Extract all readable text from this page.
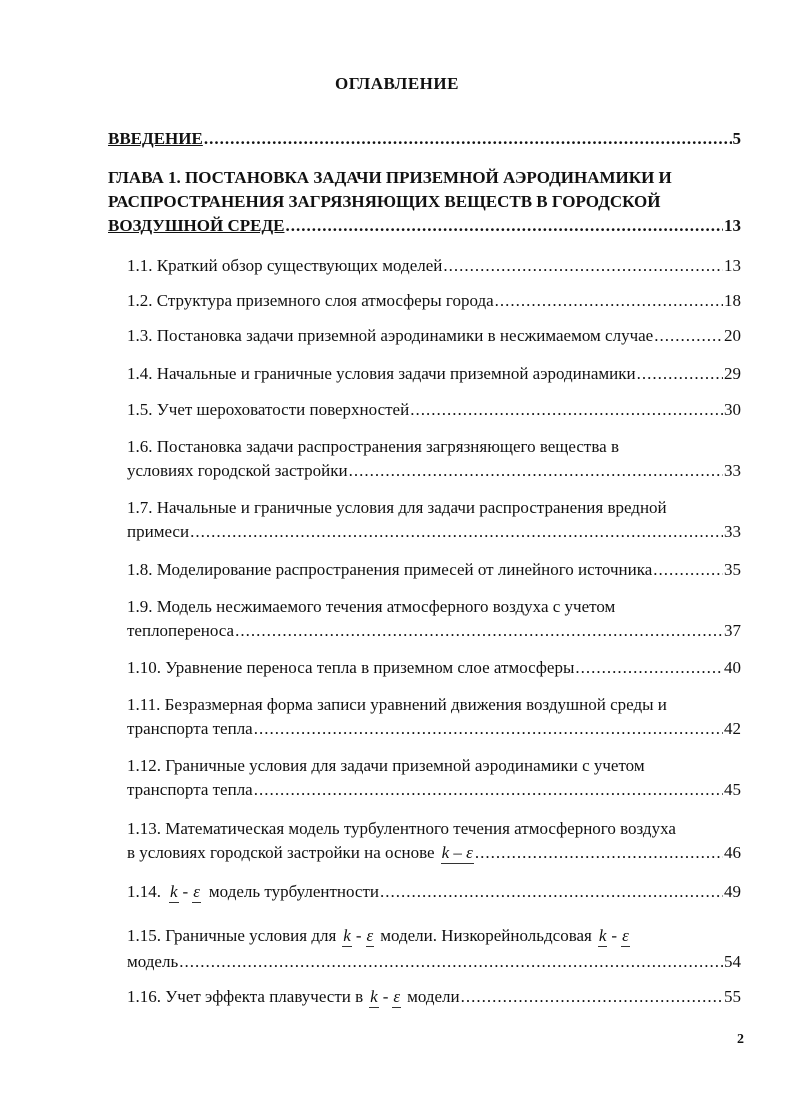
ОГЛАВЛЕНИЕ
ВВЕДЕНИЕ .....	5
ГЛАВА 1. ПОСТАНОВКА ЗАДАЧИ ПРИЗЕМНОЙ АЭРОДИНАМИКИ И
РАСПРОСТРАНЕНИЯ ЗАГРЯЗНЯЮЩИХ ВЕЩЕСТВ В ГОРОДСКОЙ
ВОЗДУШНОЙ СРЕДЕ .....	13
1.1. Краткий обзор существующих моделей .....	13
1.2. Структура приземного слоя атмосферы города .....	18
1.3. Постановка задачи приземной аэродинамики в несжимаемом случае .....	20
1.4. Начальные и граничные условия задачи приземной аэродинамики .....	29
1.5. Учет шероховатости поверхностей .....	30
1.6. Постановка задачи распространения загрязняющего вещества в
условиях городской застройки .....	33
1.7. Начальные и граничные условия для задачи распространения вредной
примеси .....	33
1.8. Моделирование распространения примесей от линейного источника .....	35
1.9. Модель несжимаемого течения атмосферного воздуха с учетом
теплопереноса .....	37
1.10. Уравнение переноса тепла в приземном слое атмосферы .....	40
1.11. Безразмерная форма записи уравнений движения воздушной среды и
транспорта тепла .....	42
1.12. Граничные условия для задачи приземной аэродинамики с учетом
транспорта тепла .....	45
1.13. Математическая модель турбулентного течения атмосферного воздуха
в условиях городской застройки на основе k – ε .....	46
1.14. k - ε модель турбулентности .....	49
1.15. Граничные условия для k - ε модели. Низкорейнольдсовая k - ε
модель .....	54
1.16. Учет эффекта плавучести в k - ε модели .....	55
2
